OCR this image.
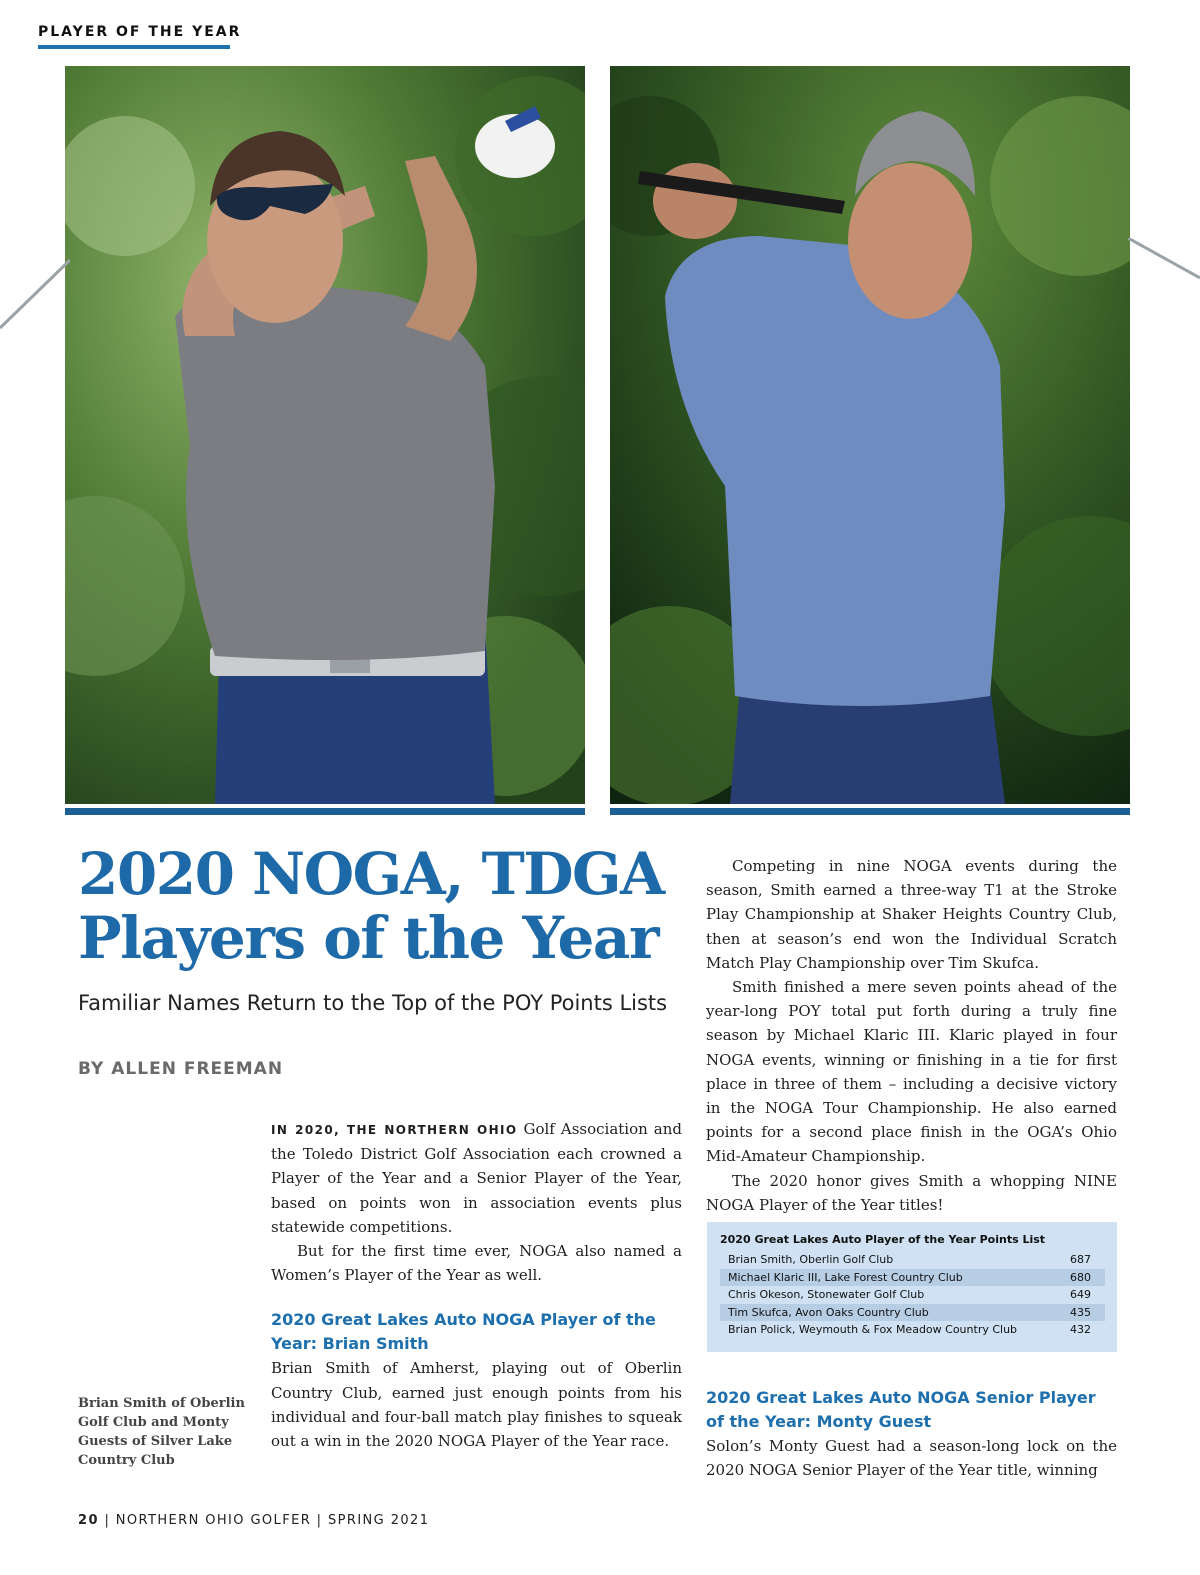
PLAYER OF THE YEAR
2020 NOGA, TDGA
Players of the Year

Familiar Names Return to the Top of the POY Points Lists

BY ALLEN FREEMAN

Brian Smith of Oberlin Golf Club and Monty Guests of Silver Lake Country Club

IN 2020, THE NORTHERN OHIO Golf Association and the Toledo District Golf Association each crowned a Player of the Year and a Senior Player of the Year, based on points won in association events plus statewide competitions.

But for the first time ever, NOGA also named a Women’s Player of the Year as well.

2020 Great Lakes Auto NOGA Player of the Year: Brian Smith

Brian Smith of Amherst, playing out of Oberlin Country Club, earned just enough points from his individual and four-ball match play finishes to squeak out a win in the 2020 NOGA Player of the Year race.

Competing in nine NOGA events during the season, Smith earned a three-way T1 at the Stroke Play Championship at Shaker Heights Country Club, then at season’s end won the Individual Scratch Match Play Championship over Tim Skufca.

Smith finished a mere seven points ahead of the year-long POY total put forth during a truly fine season by Michael Klaric III. Klaric played in four NOGA events, winning or finishing in a tie for first place in three of them – including a decisive victory in the NOGA Tour Championship. He also earned points for a second place finish in the OGA’s Ohio Mid-Amateur Championship.

The 2020 honor gives Smith a whopping NINE NOGA Player of the Year titles!

2020 Great Lakes Auto Player of the Year Points List
Brian Smith, Oberlin Golf Club	687
Michael Klaric III, Lake Forest Country Club	680
Chris Okeson, Stonewater Golf Club	649
Tim Skufca, Avon Oaks Country Club	435
Brian Polick, Weymouth & Fox Meadow Country Club	432

2020 Great Lakes Auto NOGA Senior Player of the Year: Monty Guest

Solon’s Monty Guest had a season-long lock on the 2020 NOGA Senior Player of the Year title, winning

20 | NORTHERN OHIO GOLFER | SPRING 2021
